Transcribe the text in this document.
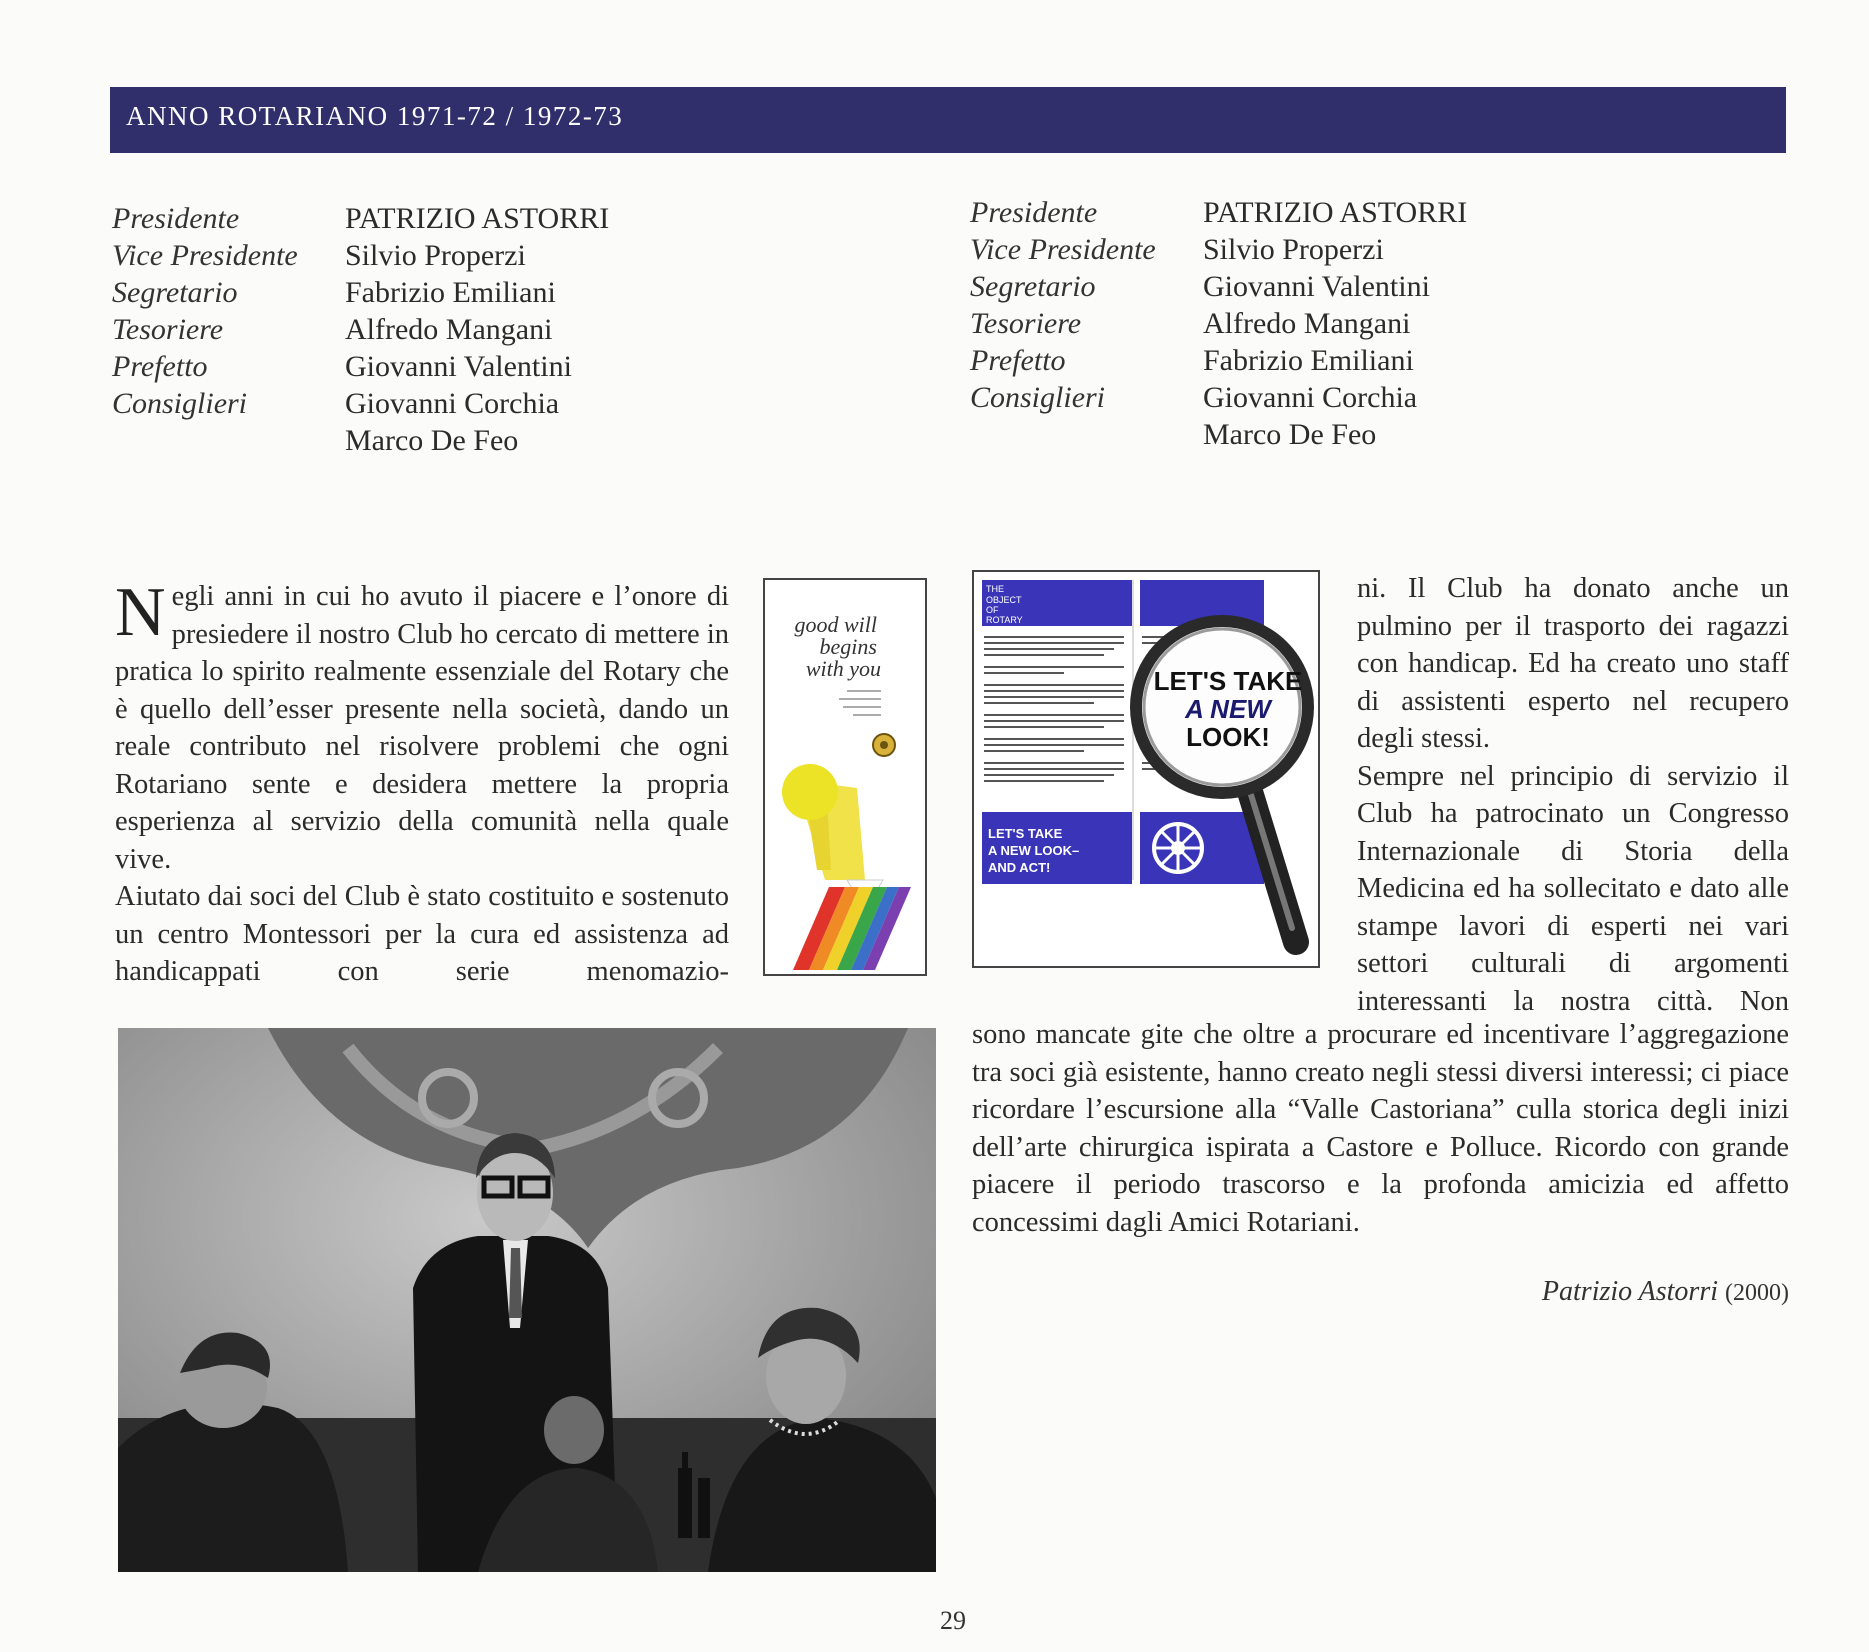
ANNO ROTARIANO 1971-72 / 1972-73
Presidente
Vice Presidente
Segretario
Tesoriere
Prefetto
Consiglieri
PATRIZIO ASTORRI
Silvio Properzi
Fabrizio Emiliani
Alfredo Mangani
Giovanni Valentini
Giovanni Corchia
Marco De Feo
Presidente
Vice Presidente
Segretario
Tesoriere
Prefetto
Consiglieri
PATRIZIO ASTORRI
Silvio Properzi
Giovanni Valentini
Alfredo Mangani
Fabrizio Emiliani
Giovanni Corchia
Marco De Feo

Negli anni in cui ho avuto il piacere e l’onore di presiedere il nostro Club ho cercato di mettere in pratica lo spirito realmente essenziale del Rotary che è quello dell’esser presente nella società, dando un reale contributo nel risolvere problemi che ogni Rotariano sente e desidera mettere la propria esperienza al servizio della comunità nella quale vive.

Aiutato dai soci del Club è stato costituito e sostenuto un centro Montessori per la cura ed assistenza ad handicappati con serie menomazio-

good will
begins
with you
THE
OBJECT
OF
ROTARY
LET'S TAKE
A NEW LOOK–
AND ACT!
LET'S TAKE
A NEW
LOOK!

ni. Il Club ha donato anche un pulmino per il trasporto dei ragazzi con handicap. Ed ha creato uno staff di assistenti esperto nel recupero degli stessi.

Sempre nel principio di servizio il Club ha patrocinato un Congresso Internazionale di Storia della Medicina ed ha sollecitato e dato alle stampe lavori di esperti nei vari settori culturali di argomenti interessanti la nostra città. Non

sono mancate gite che oltre a procurare ed incentivare l’aggregazione tra soci già esistente, hanno creato negli stessi diversi interessi; ci piace ricordare l’escursione alla “Valle Castoriana” culla storica degli inizi dell’arte chirurgica ispirata a Castore e Polluce. Ricordo con grande piacere il periodo trascorso e la profonda amicizia ed affetto concessimi dagli Amici Rotariani.

Patrizio Astorri (2000)
29
